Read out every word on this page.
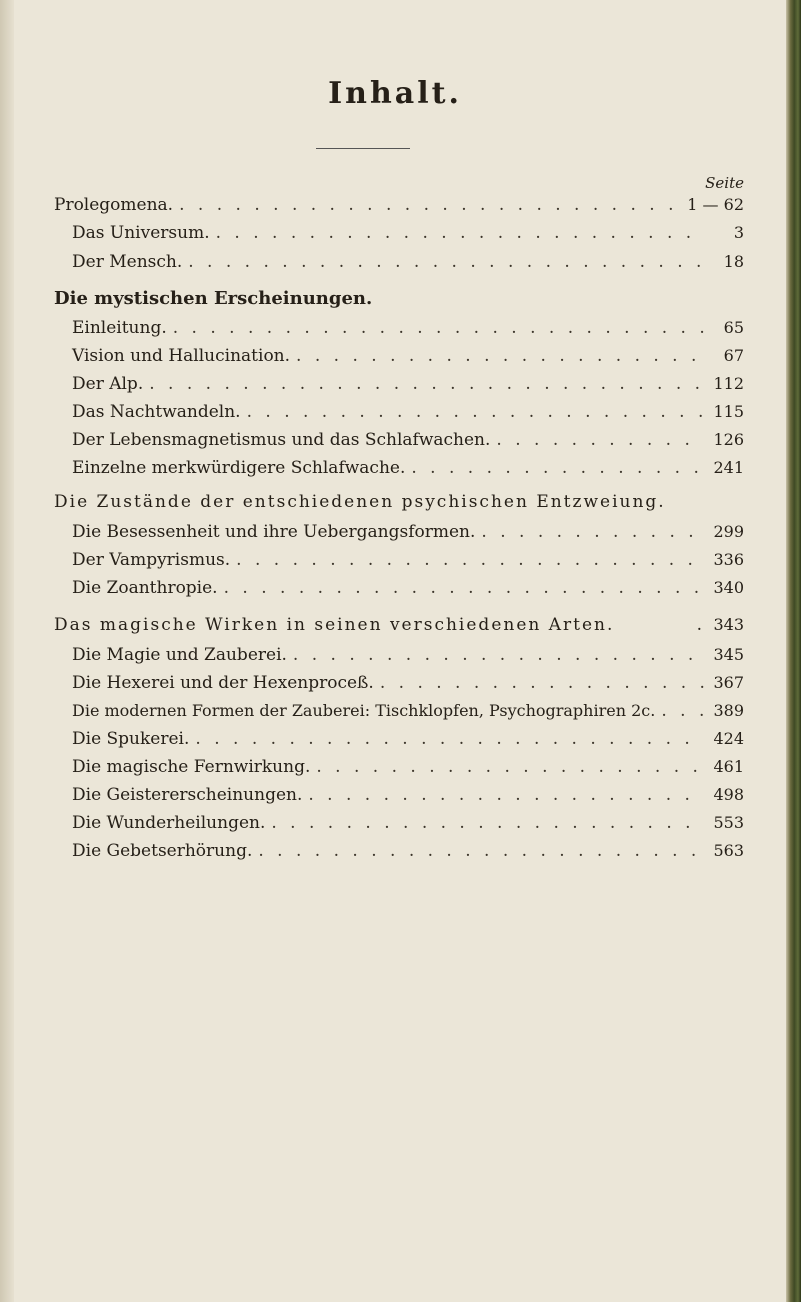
Inhalt.

Seite

Prolegomena. . . .	1 — 62
Das Universum. . . .	3
Der Mensch. . . .	18

Die mystischen Erscheinungen.

Einleitung. . . .	65
Vision und Hallucination. . . .	67
Der Alp. . . .	112
Das Nachtwandeln. . . .	115
Der Lebensmagnetismus und das Schlafwachen. . . .	126
Einzelne merkwürdigere Schlafwache. . . .	241

Die Zustände der entschiedenen psychischen Entzweiung.

Die Besessenheit und ihre Uebergangsformen. . . .	299
Der Vampyrismus. . . .	336
Die Zoanthropie. . . .	340
Das magische Wirken in seinen verschiedenen Arten.	. 343
Die Magie und Zauberei. . . .	345
Die Hexerei und der Hexenproceß. . . .	367
Die modernen Formen der Zauberei: Tischklopfen, Psychographiren 2c. . . .	389
Die Spukerei. . . .	424
Die magische Fernwirkung. . . .	461
Die Geistererscheinungen. . . .	498
Die Wunderheilungen. . . .	553
Die Gebetserhörung. . . .	563
